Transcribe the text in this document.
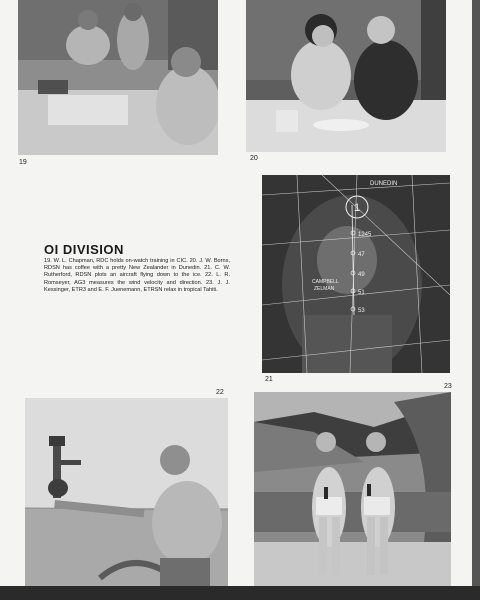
19
20
DUNEDIN
1
1245
47
49
51
53
CAMPBELL
ZELMAN
21
OI DIVISION
19. W. L. Chapman, RDC holds on-watch training in CIC. 20. J. W. Borns, RDSN has coffee with a pretty New Zealander in Dunedin. 21. C. W. Rutherford, RDSN plots an aircraft flying down to the ice. 22. L. R. Romseyer, AG3 measures the wind velocity and direction. 23. J. J. Kessinger, ETR3 and E. F. Juenemann, ETRSN relax in tropical Tahiti.
22
23
